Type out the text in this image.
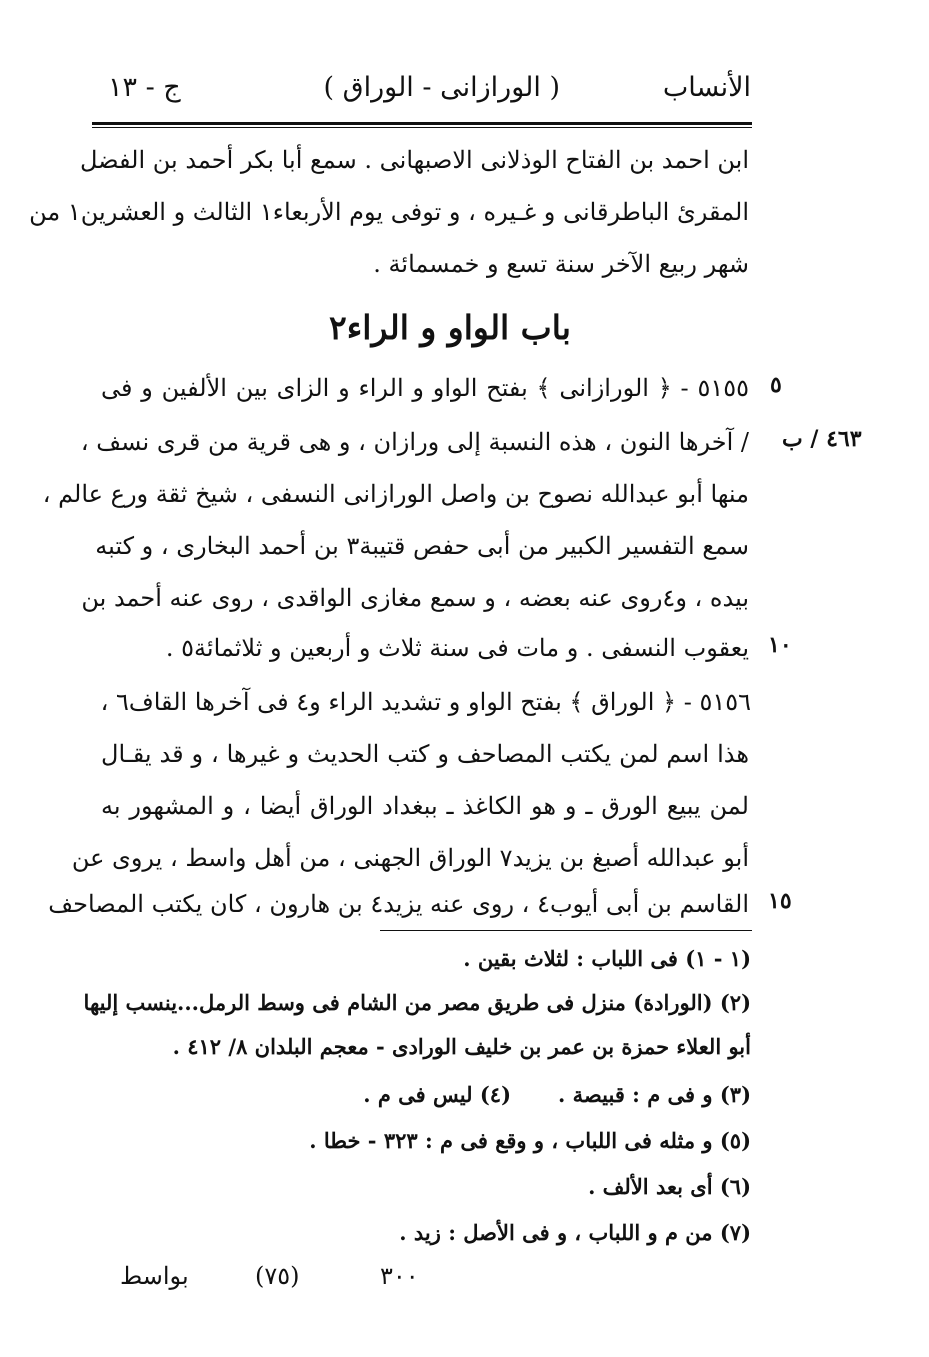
الأنساب
( الورازانى - الوراق )
ج - ١٣
ابن احمد بن الفتاح الوذلانى الاصبهانى . سمع أبا بكر أحمد بن الفضل
المقرئ الباطرقانى و غـيره ، و توفى يوم الأربعاء١ الثالث و العشرين١ من
شهر ربيع الآخر سنة تسع و خمسمائة .
باب الواو و الراء٢
٥
٥١٥٥ - ﴿ الورازانى ﴾ بفتح الواو و الراء و الزاى بين الألفين و فى
٤٦٣ / ب
/ آخرها النون ، هذه النسبة إلى ورازان ، و هى قرية من قرى نسف ،
منها أبو عبدالله نصوح بن واصل الورازانى النسفى ، شيخ ثقة ورع عالم ،
سمع التفسير الكبير من أبى حفص قتيبة٣ بن أحمد البخارى ، و كتبه
بيده ، و٤روى عنه بعضه ، و سمع مغازى الواقدى ، روى عنه أحمد بن
١٠
يعقوب النسفى . و مات فى سنة ثلاث و أربعين و ثلاثمائة٥ .
٥١٥٦ - ﴿ الوراق ﴾ بفتح الواو و تشديد الراء و٤ فى آخرها القاف٦ ،
هذا اسم لمن يكتب المصاحف و كتب الحديث و غيرها ، و قد يقـال
لمن يبيع الورق ـ و هو الكاغذ ـ ببغداد الوراق أيضا ، و المشهور به
أبو عبدالله أصبغ بن يزيد٧ الوراق الجهنى ، من أهل واسط ، يروى عن
١٥
القاسم بن أبى أيوب٤ ، روى عنه يزيد٤ بن هارون ، كان يكتب المصاحف
(١ - ١) فى اللباب : لثلاث بقين .
(٢) (الورادة) منزل فى طريق مصر من الشام فى وسط الرمل...ينسب إليها
أبو العلاء حمزة بن عمر بن خليف الورادى - معجم البلدان ٨/ ٤١٢ .
(٣) و فى م : قبيصة .
(٤) ليس فى م .
(٥) و مثله فى اللباب ، و وقع فى م : ٣٢٣ - خطا .
(٦) أى بعد الألف .
(٧) من م و اللباب ، و فى الأصل : زيد .
٣٠٠
(٧٥)
بواسط
